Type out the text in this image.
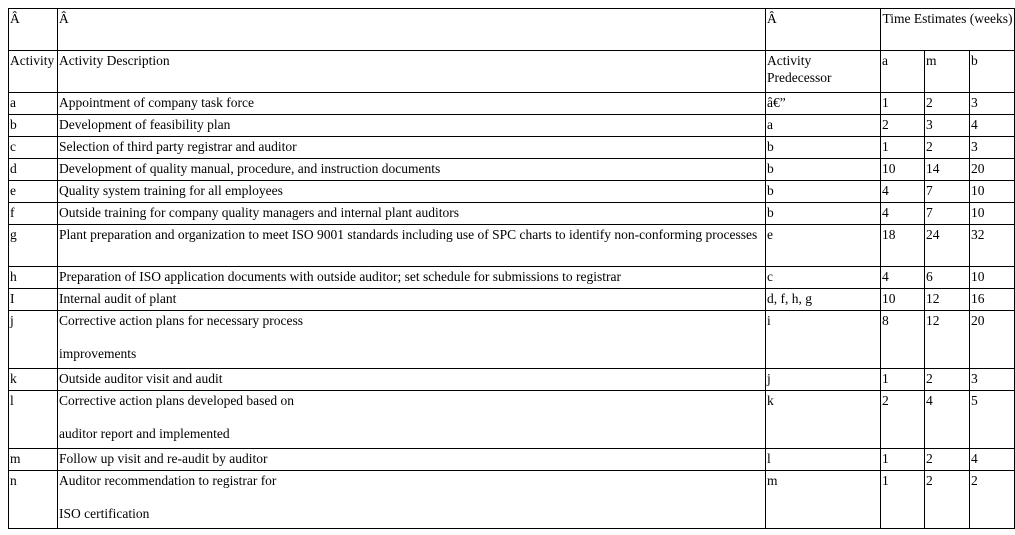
Â	Â	Â	Time Estimates (weeks)		
Activity	Activity Description	Activity Predecessor	a	m	b
a	Appointment of company task force	â€”	1	2	3
b	Development of feasibility plan	a	2	3	4
c	Selection of third party registrar and auditor	b	1	2	3
d	Development of quality manual, procedure, and instruction documents	b	10	14	20
e	Quality system training for all employees	b	4	7	10
f	Outside training for company quality managers and internal plant auditors	b	4	7	10
g	Plant preparation and organization to meet ISO 9001 standards including use of SPC charts to identify non-conforming processes	e	18	24	32
h	Preparation of ISO application documents with outside auditor; set schedule for submissions to registrar	c	4	6	10
I	Internal audit of plant	d, f, h, g	10	12	16
j	Corrective action plans for necessary process
improvements	i	8	12	20
k	Outside auditor visit and audit	j	1	2	3
l	Corrective action plans developed based on
auditor report and implemented	k	2	4	5
m	Follow up visit and re-audit by auditor	l	1	2	4
n	Auditor recommendation to registrar for
ISO certification	m	1	2	2
